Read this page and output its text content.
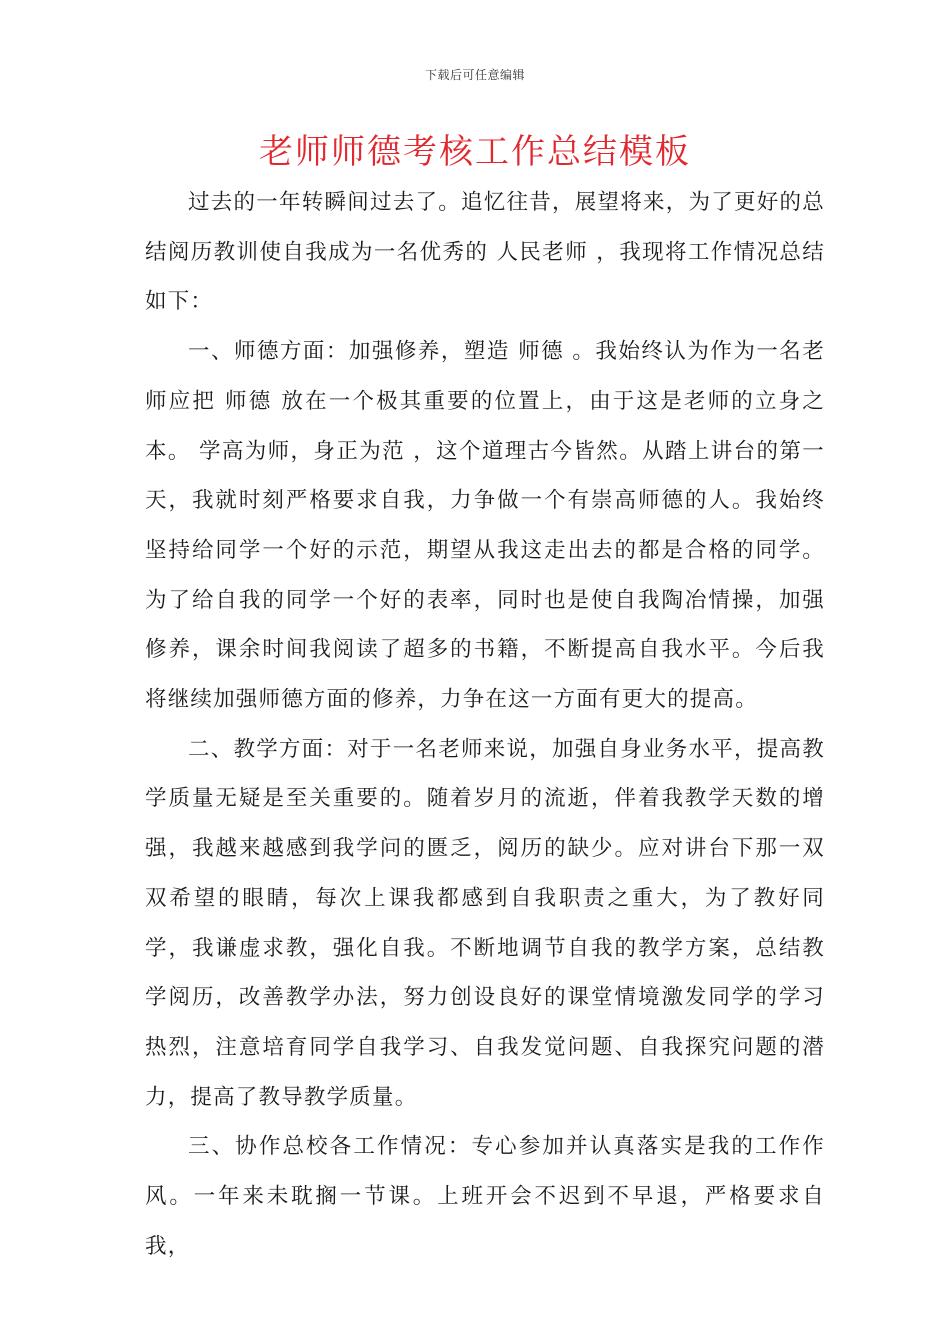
下载后可任意编辑
老师师德考核工作总结模板

过去的一年转瞬间过去了。追忆往昔，展望将来，为了更好的总结阅历教训使自我成为一名优秀的 人民老师 ，我现将工作情况总结如下：

一、师德方面：加强修养，塑造 师德 。我始终认为作为一名老师应把 师德 放在一个极其重要的位置上，由于这是老师的立身之本。 学高为师，身正为范 ，这个道理古今皆然。从踏上讲台的第一天，我就时刻严格要求自我，力争做一个有崇高师德的人。我始终坚持给同学一个好的示范，期望从我这走出去的都是合格的同学。为了给自我的同学一个好的表率，同时也是使自我陶冶情操，加强修养，课余时间我阅读了超多的书籍，不断提高自我水平。今后我将继续加强师德方面的修养，力争在这一方面有更大的提高。

二、教学方面：对于一名老师来说，加强自身业务水平，提高教学质量无疑是至关重要的。随着岁月的流逝，伴着我教学天数的增强，我越来越感到我学问的匮乏，阅历的缺少。应对讲台下那一双双希望的眼睛，每次上课我都感到自我职责之重大，为了教好同学，我谦虚求教，强化自我。不断地调节自我的教学方案，总结教学阅历，改善教学办法，努力创设良好的课堂情境激发同学的学习热烈，注意培育同学自我学习、自我发觉问题、自我探究问题的潜力，提高了教导教学质量。

三、协作总校各工作情况：专心参加并认真落实是我的工作作风。一年来未耽搁一节课。上班开会不迟到不早退，严格要求自我，
